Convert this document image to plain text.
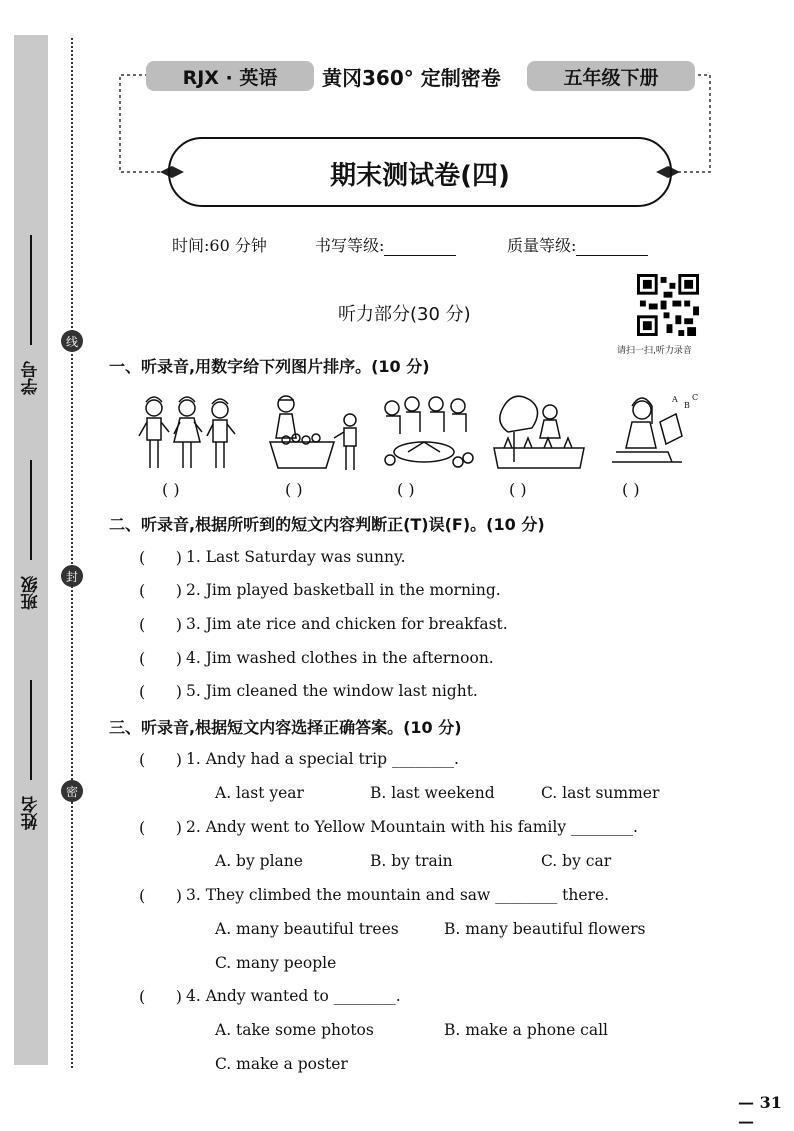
学号
班级
姓名
线
封
密
RJX · 英语	黄冈360° 定制密卷	五年级下册
期末测试卷(四)
时间:60 分钟	书写等级:	质量等级:
听力部分(30 分)
请扫一扫,听力录音
一、听录音,用数字给下列图片排序。(10 分)
A
B
C
( )	( )	( )	( )	( )
二、听录音,根据所听到的短文内容判断正(T)误(F)。(10 分)
(      ) 1. Last Saturday was sunny.
(      ) 2. Jim played basketball in the morning.
(      ) 3. Jim ate rice and chicken for breakfast.
(      ) 4. Jim washed clothes in the afternoon.
(      ) 5. Jim cleaned the window last night.
三、听录音,根据短文内容选择正确答案。(10 分)
(      ) 1. Andy had a special trip ________.
A. last year	B. last weekend	C. last summer
(      ) 2. Andy went to Yellow Mountain with his family ________.
A. by plane	B. by train	C. by car
(      ) 3. They climbed the mountain and saw ________ there.
A. many beautiful trees	B. many beautiful flowers
C. many people
(      ) 4. Andy wanted to ________.
A. take some photos	B. make a phone call
C. make a poster
— 31 —
